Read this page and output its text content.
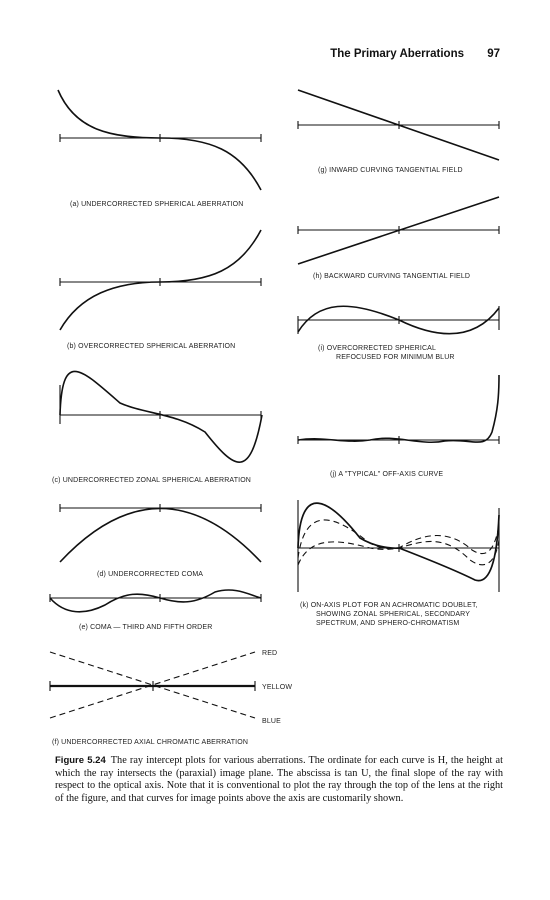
The Primary Aberrations 97
(a) UNDERCORRECTED SPHERICAL ABERRATION
(b) OVERCORRECTED SPHERICAL ABERRATION
(c) UNDERCORRECTED ZONAL SPHERICAL ABERRATION
(d) UNDERCORRECTED COMA
(e) COMA — THIRD AND FIFTH ORDER
(f) UNDERCORRECTED AXIAL CHROMATIC ABERRATION
(g) INWARD CURVING TANGENTIAL FIELD
(h) BACKWARD CURVING TANGENTIAL FIELD
(i) OVERCORRECTED SPHERICAL
REFOCUSED FOR MINIMUM BLUR
(j) A "TYPICAL" OFF-AXIS CURVE
(k) ON-AXIS PLOT FOR AN ACHROMATIC DOUBLET,
SHOWING ZONAL SPHERICAL, SECONDARY
SPECTRUM, AND SPHERO-CHROMATISM
RED
YELLOW
BLUE
Figure 5.24 The ray intercept plots for various aberrations. The ordinate for each curve is H, the height at which the ray intersects the (paraxial) image plane. The abscissa is tan U, the final slope of the ray with respect to the optical axis. Note that it is conventional to plot the ray through the top of the lens at the right of the figure, and that curves for image points above the axis are customarily shown.
